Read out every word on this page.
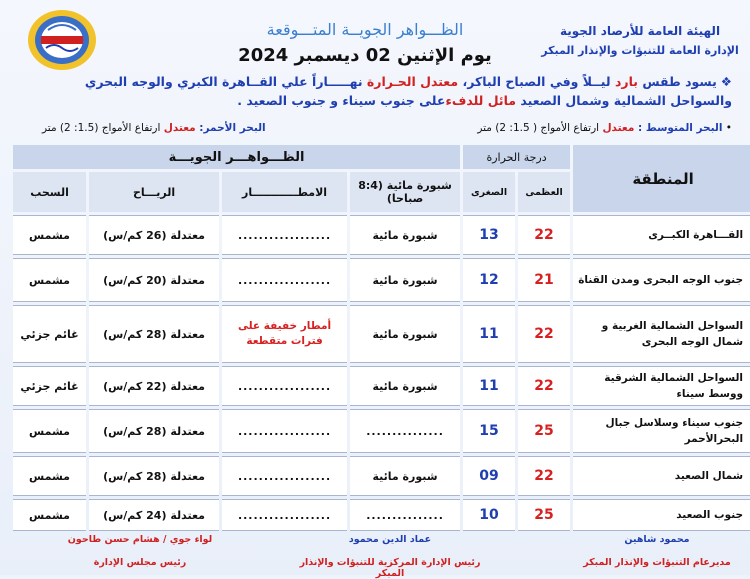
الهيئة العامة للأرصاد الجوية
الإدارة العامة للتنبؤات والإنذار المبكر
الظـــواهر الجويــة المتـــوقعة
يوم الإثنين 02 ديسمبر 2024
❖يسود طقس بارد ليــلاً وفي الصباح الباكر، معتدل الحـرارة نهـــــاراً علي القــاهرة الكبري والوجه البحري والسواحل الشمالية وشمال الصعيد مائل للدفءعلى جنوب سيناء و جنوب الصعيد .
• البحر المتوسط : معتدل ارتفاع الأمواج ( 1.5: 2) متر
البحر الأحمر: معتدل ارتفاع الأمواج (1.5: 2) متر
المنطقة	درجة الحرارة		الظـــواهـــر الجويـــة			
	العظمى	الصغرى	شبورة مائية (8:4 صباحا)	الامطــــــــــــار	الريـــاح	السحب
القـــاهرة الكبــرى	22	13	شبورة مائية	..................	معتدلة (26 كم/س)	مشمس
جنوب الوجه البحرى ومدن القناة	21	12	شبورة مائية	..................	معتدلة (20 كم/س)	مشمس
السواحل الشمالية الغربية و شمال الوجه البحرى	22	11	شبورة مائية	أمطار خفيفة على فترات متقطعة	معتدلة (28 كم/س)	غائم جزئي
السواحل الشمالية الشرقية ووسط سيناء	22	11	شبورة مائية	..................	معتدلة (22 كم/س)	غائم جزئي
جنوب سيناء وسلاسل جبال البحرالأحمر	25	15	...............	..................	معتدلة (28 كم/س)	مشمس
شمال الصعيد	22	09	شبورة مائية	..................	معتدلة (28 كم/س)	مشمس
جنوب الصعيد	25	10	...............	..................	معتدلة (24 كم/س)	مشمس
محمود شاهين
مديرعام التنبؤات والإنذار المبكر
عماد الدين محمود
رئيس الإدارة المركزية للتنبؤات والإنذار المبكر
لواء جوي / هشام حسن طاحون
رئيس مجلس الإدارة
